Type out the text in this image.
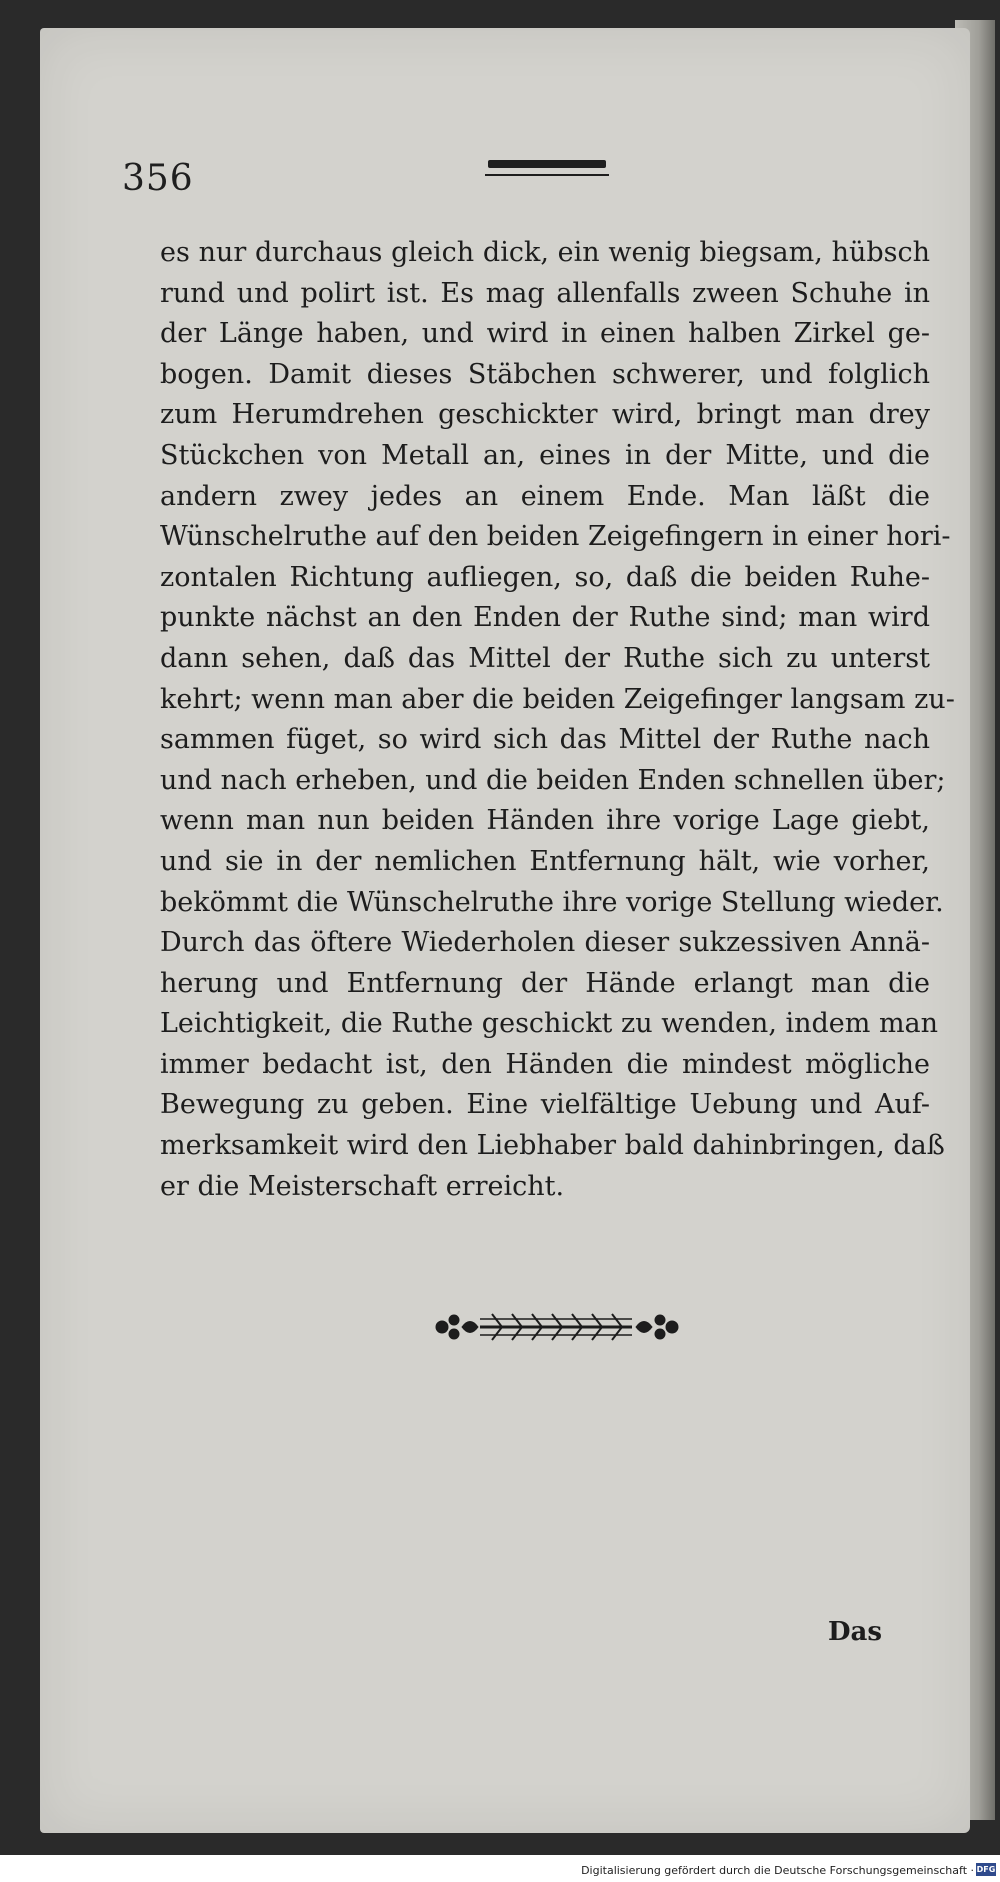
356
es nur durchaus gleich dick, ein wenig biegsam, hübsch
rund und polirt ist. Es mag allenfalls zween Schuhe in
der Länge haben, und wird in einen halben Zirkel ge-
bogen. Damit dieses Stäbchen schwerer, und folglich
zum Herumdrehen geschickter wird, bringt man drey
Stückchen von Metall an, eines in der Mitte, und die
andern zwey jedes an einem Ende. Man läßt die
Wünschelruthe auf den beiden Zeigefingern in einer hori-
zontalen Richtung aufliegen, so, daß die beiden Ruhe-
punkte nächst an den Enden der Ruthe sind; man wird
dann sehen, daß das Mittel der Ruthe sich zu unterst
kehrt; wenn man aber die beiden Zeigefinger langsam zu-
sammen füget, so wird sich das Mittel der Ruthe nach
und nach erheben, und die beiden Enden schnellen über;
wenn man nun beiden Händen ihre vorige Lage giebt,
und sie in der nemlichen Entfernung hält, wie vorher,
bekömmt die Wünschelruthe ihre vorige Stellung wieder.
Durch das öftere Wiederholen dieser sukzessiven Annä-
herung und Entfernung der Hände erlangt man die
Leichtigkeit, die Ruthe geschickt zu wenden, indem man
immer bedacht ist, den Händen die mindest mögliche
Bewegung zu geben. Eine vielfältige Uebung und Auf-
merksamkeit wird den Liebhaber bald dahinbringen, daß
er die Meisterschaft erreicht.
Das
Digitalisierung gefördert durch die Deutsche Forschungsgemeinschaft · DFG
